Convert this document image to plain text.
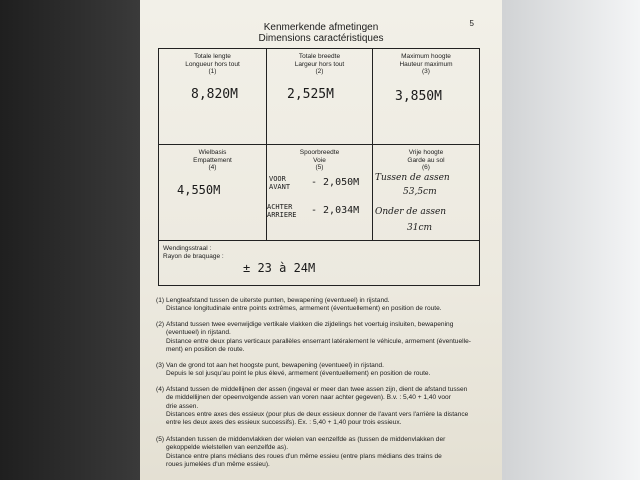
5
Kenmerkende afmetingen
Dimensions caractéristiques
Totale lengte
Longueur hors tout
(1)
8,820M
Totale breedte
Largeur hors tout
(2)
2,525M
Maximum hoogte
Hauteur maximum
(3)
3,850M
Wielbasis
Empattement
(4)
4,550M
Spoorbreedte
Voie
(5)
VOOR
AVANT - 2,050M
ACHTER
ARRIERE - 2,034M
Vrije hoogte
Garde au sol
(6)
Tussen de assen
53,5cm
Onder de assen
31cm
Wendingsstraal :
Rayon de braquage :
± 23 à 24M
(1) Lengteafstand tussen de uiterste punten, bewapening (eventueel) in rijstand.
Distance longitudinale entre points extrêmes, armement (éventuellement) en position de route.
(2) Afstand tussen twee evenwijdige vertikale vlakken die zijdelings het voertuig insluiten, bewapening
(eventueel) in rijstand.
Distance entre deux plans verticaux parallèles enserrant latéralement le véhicule, armement (éventuelle-
ment) en position de route.
(3) Van de grond tot aan het hoogste punt, bewapening (eventueel) in rijstand.
Depuis le sol jusqu'au point le plus élevé, armement (éventuellement) en position de route.
(4) Afstand tussen de middellijnen der assen (ingeval er meer dan twee assen zijn, dient de afstand tussen
de middellijnen der opeenvolgende assen van voren naar achter gegeven). B.v. : 5,40 + 1,40 voor
drie assen.
Distances entre axes des essieux (pour plus de deux essieux donner de l'avant vers l'arrière la distance
entre les deux axes des essieux successifs). Ex. : 5,40 + 1,40 pour trois essieux.
(5) Afstanden tussen de middenvlakken der wielen van eenzelfde as (tussen de middenvlakken der
gekoppelde wielstellen van eenzelfde as).
Distance entre plans médians des roues d'un même essieu (entre plans médians des trains de
roues jumelées d'un même essieu).
